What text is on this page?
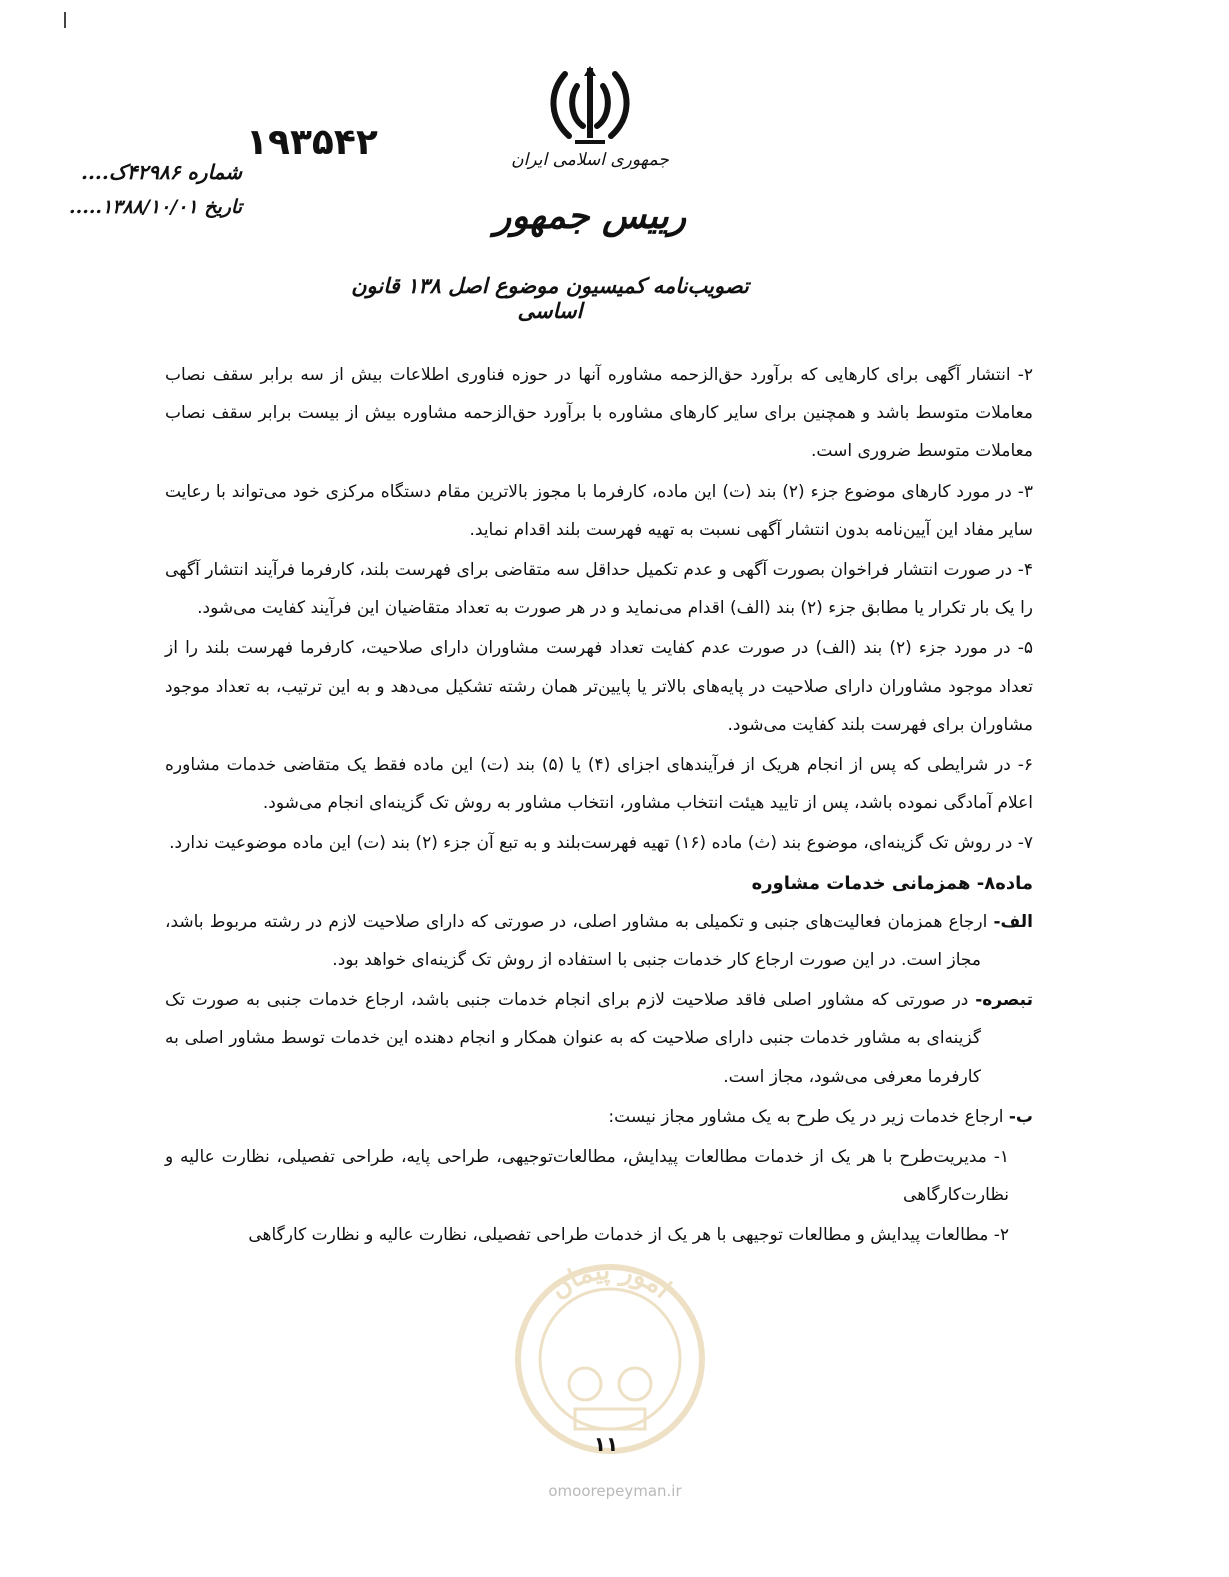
جمهوری اسلامی ایران
رییس جمهور
تصویب‌نامه کمیسیون موضوع اصل ۱۳۸ قانون اساسی
۱۹۳۵۴۲
شماره ۴۲۹۸۶ک....
تاریخ ۱۳۸۸/۱۰/۰۱.....
۲- انتشار آگهی برای کارهایی که برآورد حق‌الزحمه مشاوره آنها در حوزه فناوری اطلاعات بیش از سه برابر سقف نصاب معاملات متوسط باشد و همچنین برای سایر کارهای مشاوره با برآورد حق‌الزحمه مشاوره بیش از بیست برابر سقف نصاب معاملات متوسط ضروری است.
۳- در مورد کارهای موضوع جزء (۲) بند (ت) این ماده، کارفرما با مجوز بالاترین مقام دستگاه مرکزی خود می‌تواند با رعایت سایر مفاد این آیین‌نامه بدون انتشار آگهی نسبت به تهیه فهرست بلند اقدام نماید.
۴- در صورت انتشار فراخوان بصورت آگهی و عدم تکمیل حداقل سه متقاضی برای فهرست بلند، کارفرما فرآیند انتشار آگهی را یک بار تکرار یا مطابق جزء (۲) بند (الف) اقدام می‌نماید و در هر صورت به تعداد متقاضیان این فرآیند کفایت می‌شود.
۵- در مورد جزء (۲) بند (الف) در صورت عدم کفایت تعداد فهرست مشاوران دارای صلاحیت، کارفرما فهرست بلند را از تعداد موجود مشاوران دارای صلاحیت در پایه‌های بالاتر یا پایین‌تر همان رشته تشکیل می‌دهد و به این ترتیب، به تعداد موجود مشاوران برای فهرست بلند کفایت می‌شود.
۶- در شرایطی که پس از انجام هریک از فرآیندهای اجزای (۴) یا (۵) بند (ت) این ماده فقط یک متقاضی خدمات مشاوره اعلام آمادگی نموده باشد، پس از تایید هیئت انتخاب مشاور، انتخاب مشاور به روش تک گزینه‌ای انجام می‌شود.
۷- در روش تک گزینه‌ای، موضوع بند (ث) ماده (۱۶) تهیه فهرست‌بلند و به تبع آن جزء (۲) بند (ت) این ماده موضوعیت ندارد.
ماده۸- همزمانی خدمات مشاوره
الف- ارجاع همزمان فعالیت‌های جنبی و تکمیلی به مشاور اصلی، در صورتی که دارای صلاحیت لازم در رشته مربوط باشد، مجاز است. در این صورت ارجاع کار خدمات جنبی با استفاده از روش تک گزینه‌ای خواهد بود.
تبصره- در صورتی که مشاور اصلی فاقد صلاحیت لازم برای انجام خدمات جنبی باشد، ارجاع خدمات جنبی به صورت تک گزینه‌ای به مشاور خدمات جنبی دارای صلاحیت که به عنوان همکار و انجام دهنده این خدمات توسط مشاور اصلی به کارفرما معرفی می‌شود، مجاز است.
ب- ارجاع خدمات زیر در یک طرح به یک مشاور مجاز نیست:
۱- مدیریت‌طرح با هر یک از خدمات مطالعات پیدایش، مطالعات‌توجیهی، طراحی پایه، طراحی تفصیلی، نظارت عالیه و نظارت‌کارگاهی
۲- مطالعات پیدایش و مطالعات توجیهی با هر یک از خدمات طراحی تفصیلی، نظارت عالیه و نظارت کارگاهی
امور پیمان
۱۱
omoorepeyman.ir
